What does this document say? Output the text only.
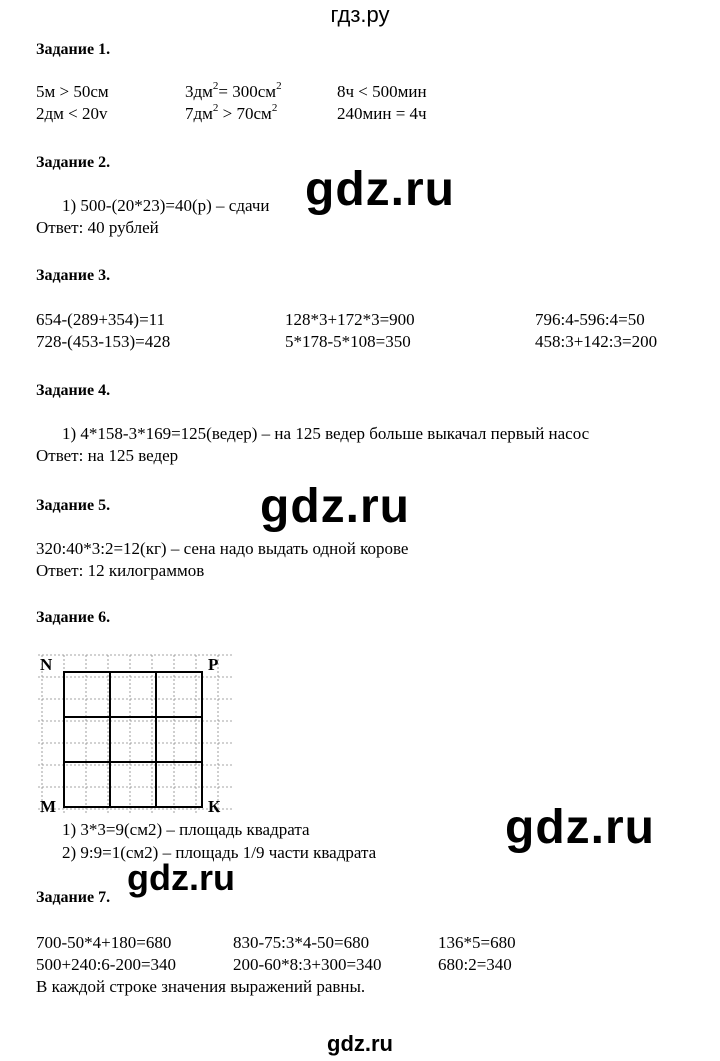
гдз.ру
Задание 1.
5м > 50см	$3дм^2= 300см^2$	8ч < 500мин
2дм < 20v	$7дм^2 > 70см^2$	240мин = 4ч
Задание 2.
1) 500-(20*23)=40(р) – сдачи
Ответ: 40 рублей
gdz.ru
Задание 3.
654-(289+354)=11	128*3+172*3=900	796:4-596:4=50
728-(453-153)=428	5*178-5*108=350	458:3+142:3=200
Задание 4.
1) 4*158-3*169=125(ведер) – на 125 ведер больше выкачал первый насос
Ответ: на 125 ведер
Задание 5.	gdz.ru
320:40*3:2=12(кг) – сена надо выдать одной корове
Ответ: 12 килограммов
Задание 6.
N	P
M	К
1) 3*3=9(см2) – площадь квадрата
2) 9:9=1(см2) – площадь 1/9 части квадрата	gdz.ru
gdz.ru
Задание 7.
700-50*4+180=680	830-75:3*4-50=680	136*5=680
500+240:6-200=340	200-60*8:3+300=340	680:2=340
В каждой строке значения выражений равны.
gdz.ru
